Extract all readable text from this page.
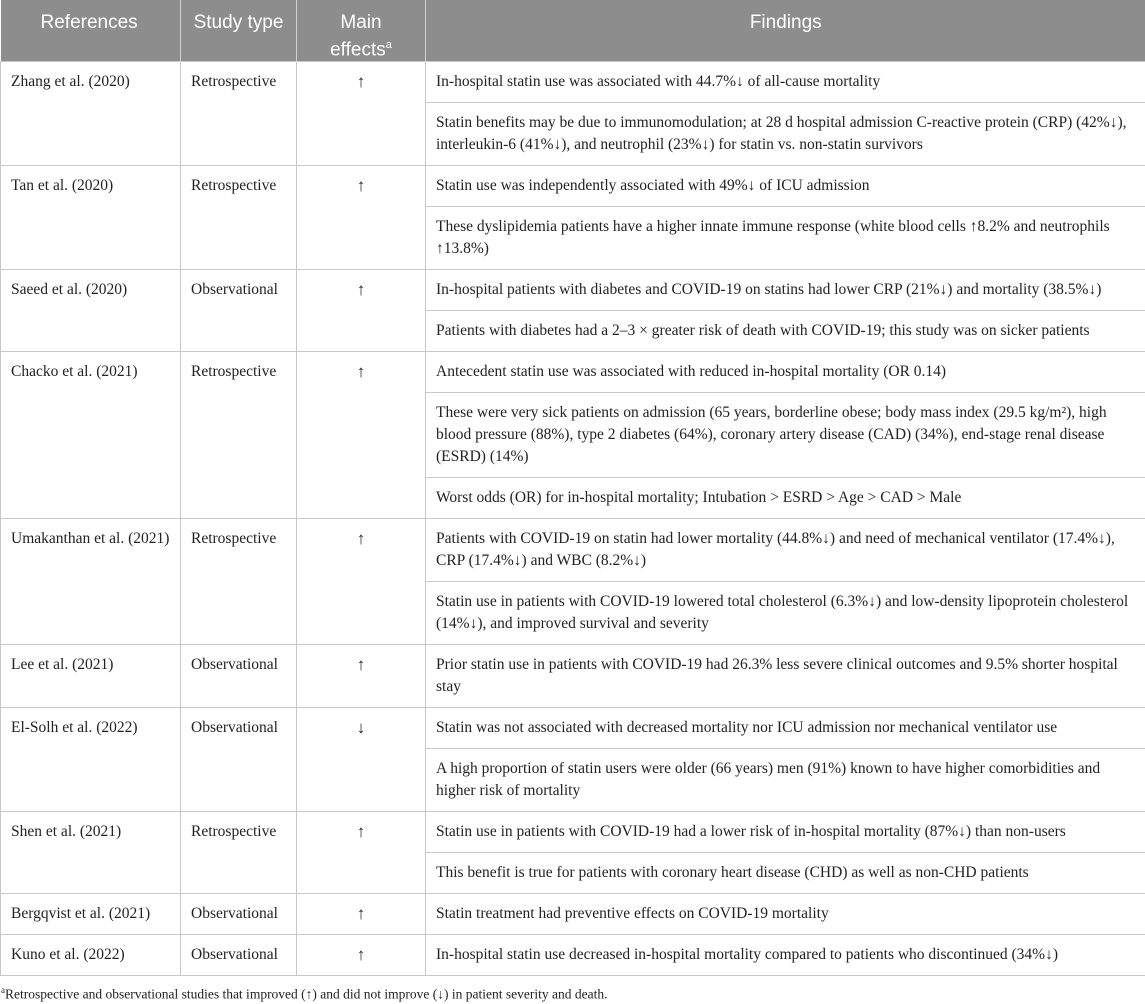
References	Study type	Main effects$^a$	Findings
Zhang et al. (2020)	Retrospective	↑	In-hospital statin use was associated with 44.7%↓ of all-cause mortality
			Statin benefits may be due to immunomodulation; at 28 d hospital admission C-reactive protein (CRP) (42%↓), interleukin-6 (41%↓), and neutrophil (23%↓) for statin vs. non-statin survivors
Tan et al. (2020)	Retrospective	↑	Statin use was independently associated with 49%↓ of ICU admission
			These dyslipidemia patients have a higher innate immune response (white blood cells ↑8.2% and neutrophils ↑13.8%)
Saeed et al. (2020)	Observational	↑	In-hospital patients with diabetes and COVID-19 on statins had lower CRP (21%↓) and mortality (38.5%↓)
			Patients with diabetes had a 2–3 × greater risk of death with COVID-19; this study was on sicker patients
Chacko et al. (2021)	Retrospective	↑	Antecedent statin use was associated with reduced in-hospital mortality (OR 0.14)
			These were very sick patients on admission (65 years, borderline obese; body mass index (29.5 kg/m²), high blood pressure (88%), type 2 diabetes (64%), coronary artery disease (CAD) (34%), end-stage renal disease (ESRD) (14%)
			Worst odds (OR) for in-hospital mortality; Intubation > ESRD > Age > CAD > Male
Umakanthan et al. (2021)	Retrospective	↑	Patients with COVID-19 on statin had lower mortality (44.8%↓) and need of mechanical ventilator (17.4%↓), CRP (17.4%↓) and WBC (8.2%↓)
			Statin use in patients with COVID-19 lowered total cholesterol (6.3%↓) and low-density lipoprotein cholesterol (14%↓), and improved survival and severity
Lee et al. (2021)	Observational	↑	Prior statin use in patients with COVID-19 had 26.3% less severe clinical outcomes and 9.5% shorter hospital stay
El-Solh et al. (2022)	Observational	↓	Statin was not associated with decreased mortality nor ICU admission nor mechanical ventilator use
			A high proportion of statin users were older (66 years) men (91%) known to have higher comorbidities and higher risk of mortality
Shen et al. (2021)	Retrospective	↑	Statin use in patients with COVID-19 had a lower risk of in-hospital mortality (87%↓) than non-users
			This benefit is true for patients with coronary heart disease (CHD) as well as non-CHD patients
Bergqvist et al. (2021)	Observational	↑	Statin treatment had preventive effects on COVID-19 mortality
Kuno et al. (2022)	Observational	↑	In-hospital statin use decreased in-hospital mortality compared to patients who discontinued (34%↓)
$^a$Retrospective and observational studies that improved (↑) and did not improve (↓) in patient severity and death.
